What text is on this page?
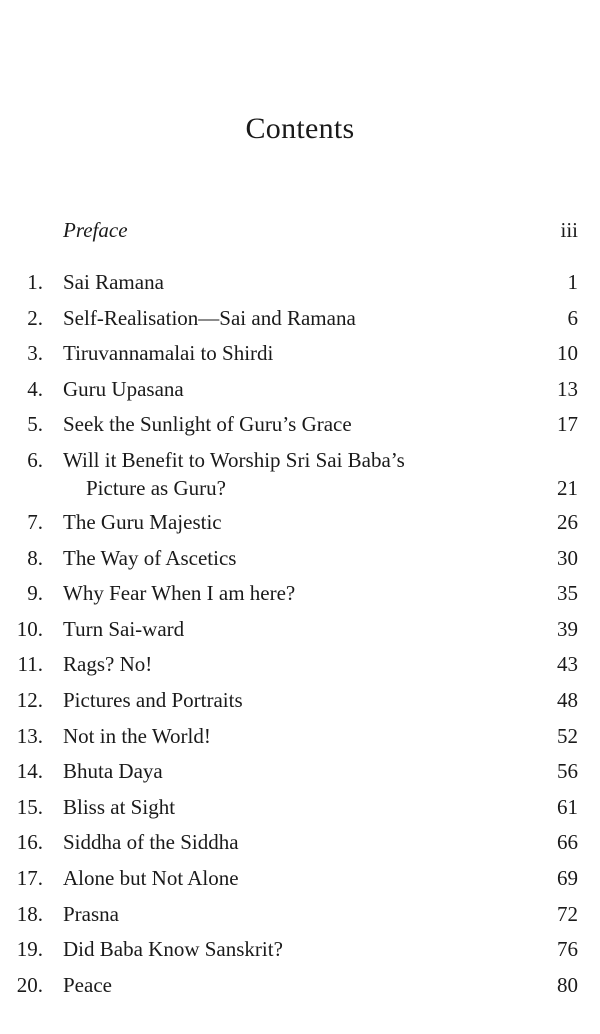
Contents
Preface	iii
1. Sai Ramana	1
2. Self-Realisation—Sai and Ramana	6
3. Tiruvannamalai to Shirdi	10
4. Guru Upasana	13
5. Seek the Sunlight of Guru’s Grace	17
6. Will it Benefit to Worship Sri Sai Baba’s
Picture as Guru?	21
7. The Guru Majestic	26
8. The Way of Ascetics	30
9. Why Fear When I am here?	35
10. Turn Sai-ward	39
11. Rags? No!	43
12. Pictures and Portraits	48
13. Not in the World!	52
14. Bhuta Daya	56
15. Bliss at Sight	61
16. Siddha of the Siddha	66
17. Alone but Not Alone	69
18. Prasna	72
19. Did Baba Know Sanskrit?	76
20. Peace	80
